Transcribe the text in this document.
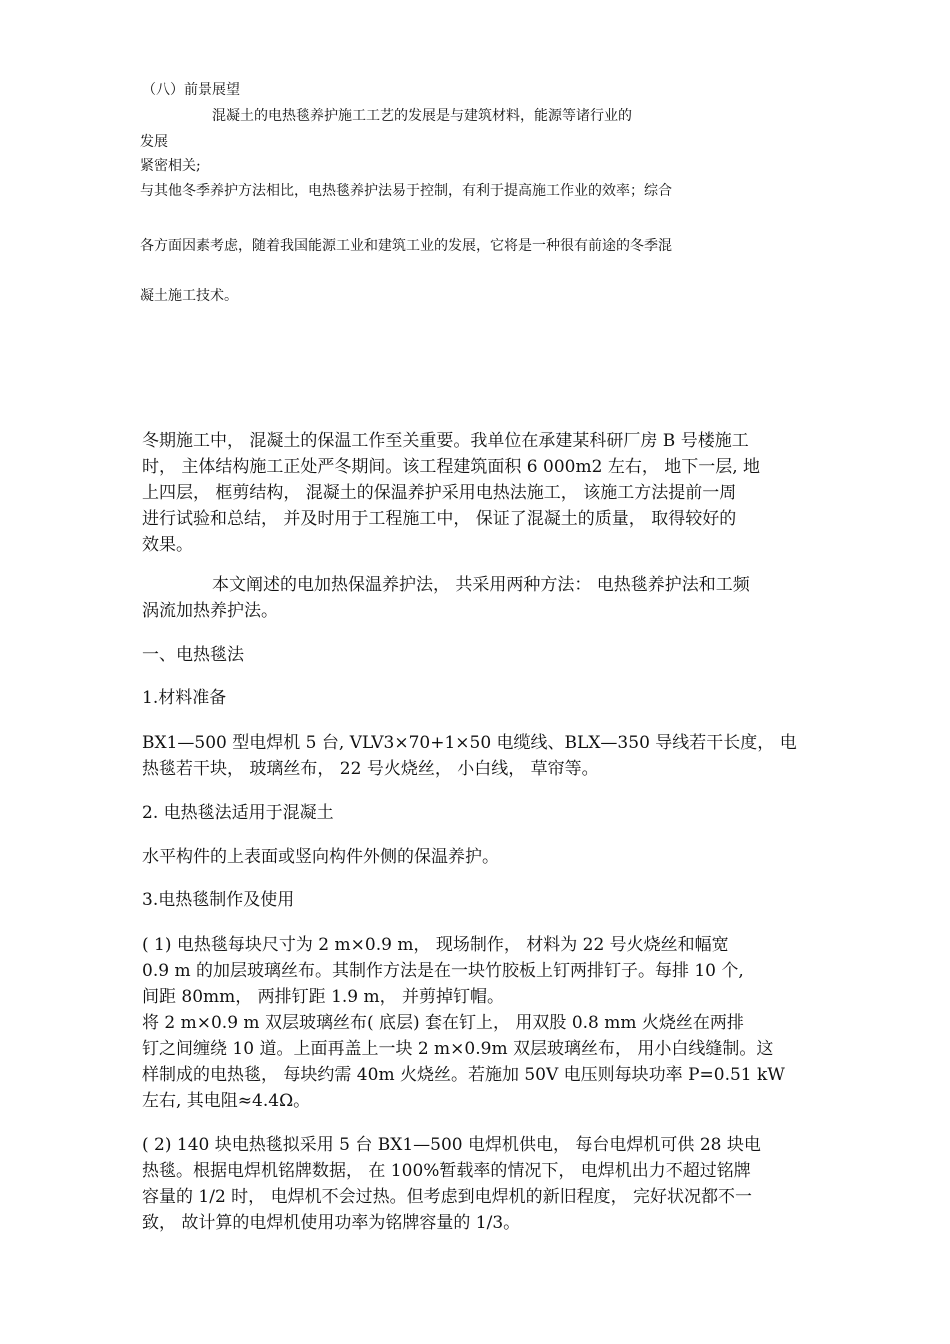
（八）前景展望
混凝土的电热毯养护施工工艺的发展是与建筑材料，能源等诸行业的
发展
紧密相关;
与其他冬季养护方法相比，电热毯养护法易于控制，有利于提高施工作业的效率；综合
各方面因素考虑，随着我国能源工业和建筑工业的发展，它将是一种很有前途的冬季混
凝土施工技术。
冬期施工中， 混凝土的保温工作至关重要。我单位在承建某科研厂房 B 号楼施工
时， 主体结构施工正处严冬期间。该工程建筑面积 6 000m2 左右， 地下一层, 地
上四层， 框剪结构， 混凝土的保温养护采用电热法施工， 该施工方法提前一周
进行试验和总结， 并及时用于工程施工中， 保证了混凝土的质量， 取得较好的
效果。
本文阐述的电加热保温养护法， 共采用两种方法： 电热毯养护法和工频
涡流加热养护法。
一、电热毯法
1.材料准备
BX1—500 型电焊机 5 台, VLV3×70+1×50 电缆线、BLX—350 导线若干长度， 电
热毯若干块， 玻璃丝布， 22 号火烧丝， 小白线， 草帘等。
2. 电热毯法适用于混凝土
水平构件的上表面或竖向构件外侧的保温养护。
3.电热毯制作及使用
( 1) 电热毯每块尺寸为 2 m×0.9 m， 现场制作， 材料为 22 号火烧丝和幅宽
0.9 m 的加层玻璃丝布。其制作方法是在一块竹胶板上钉两排钉子。每排 10 个,
间距 80mm， 两排钉距 1.9 m， 并剪掉钉帽。
将 2 m×0.9 m 双层玻璃丝布( 底层) 套在钉上， 用双股 0.8 mm 火烧丝在两排
钉之间缠绕 10 道。上面再盖上一块 2 m×0.9m 双层玻璃丝布， 用小白线缝制。这
样制成的电热毯， 每块约需 40m 火烧丝。若施加 50V 电压则每块功率 P=0.51 kW
左右, 其电阻≈4.4Ω。
( 2) 140 块电热毯拟采用 5 台 BX1—500 电焊机供电， 每台电焊机可供 28 块电
热毯。根据电焊机铭牌数据， 在 100%暂载率的情况下， 电焊机出力不超过铭牌
容量的 1/2 时， 电焊机不会过热。但考虑到电焊机的新旧程度， 完好状况都不一
致， 故计算的电焊机使用功率为铭牌容量的 1/3。
